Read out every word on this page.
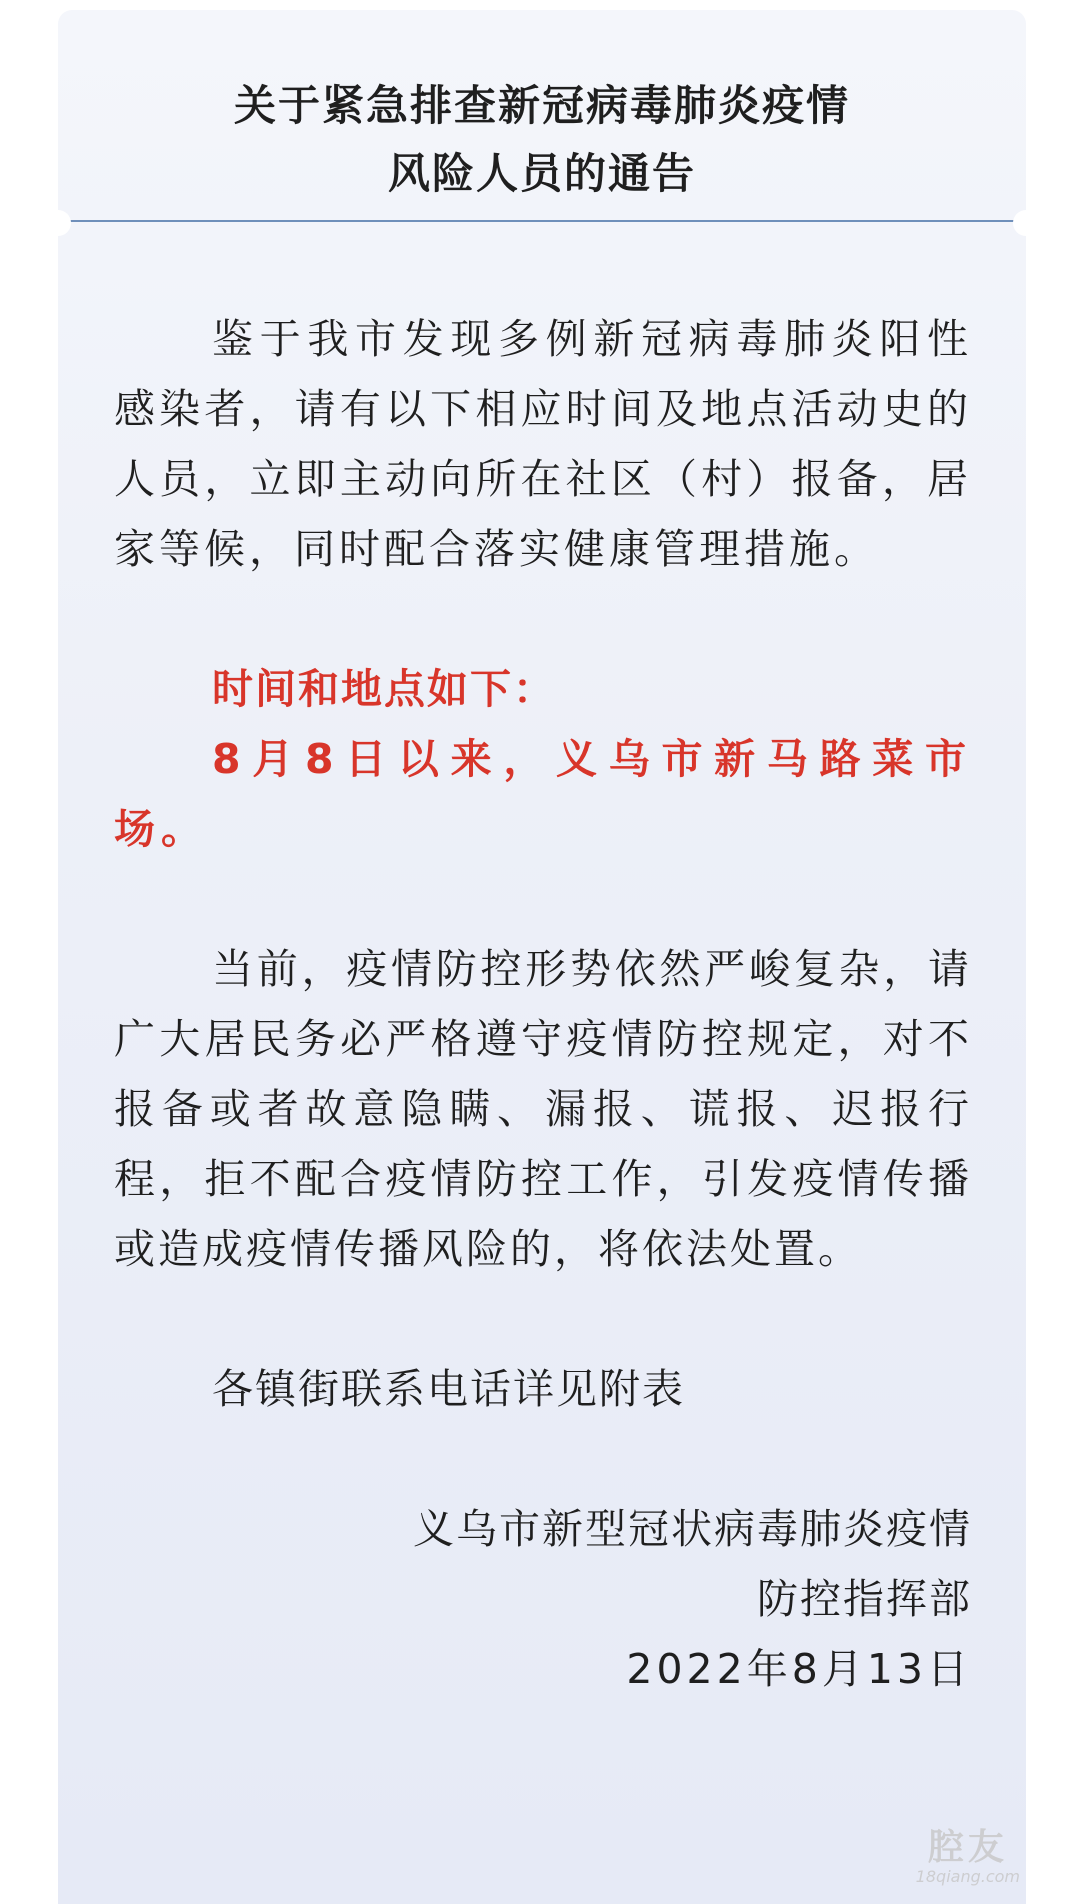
关于紧急排查新冠病毒肺炎疫情
风险人员的通告

鉴于我市发现多例新冠病毒肺炎阳性感染者，请有以下相应时间及地点活动史的人员，立即主动向所在社区（村）报备，居家等候，同时配合落实健康管理措施。

时间和地点如下：

8月8日以来，义乌市新马路菜市场。

当前，疫情防控形势依然严峻复杂，请广大居民务必严格遵守疫情防控规定，对不报备或者故意隐瞒、漏报、谎报、迟报行程，拒不配合疫情防控工作，引发疫情传播或造成疫情传播风险的，将依法处置。

各镇街联系电话详见附表

义乌市新型冠状病毒肺炎疫情
防控指挥部
2022年8月13日
腔友
18qiang.com
